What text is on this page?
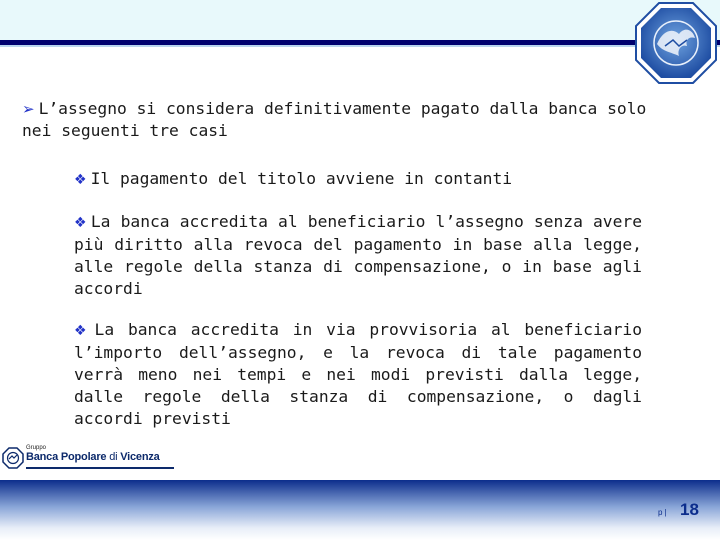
➢ L’assegno si considera definitivamente pagato dalla banca solo nei seguenti tre casi
❖ Il pagamento del titolo avviene in contanti
❖ La banca accredita al beneficiario l’assegno senza avere più diritto alla revoca del pagamento in base alla legge, alle regole della stanza di compensazione, o in base agli accordi
❖ La banca accredita in via provvisoria al beneficiario l’importo dell’assegno, e la revoca di tale pagamento verrà meno nei tempi e nei modi previsti dalla legge, dalle regole della stanza di compensazione, o dagli accordi previsti
Gruppo
Banca Popolare di Vicenza
p | 18
